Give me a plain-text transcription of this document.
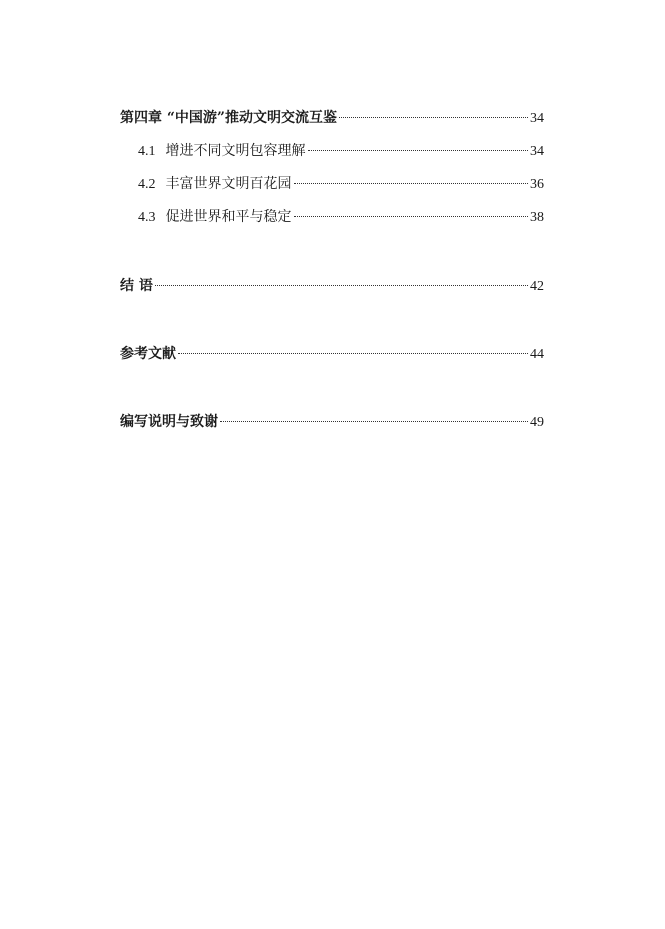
第四章 “中国游”推动文明交流互鉴	34
4.1 增进不同文明包容理解	34
4.2 丰富世界文明百花园	36
4.3 促进世界和平与稳定	38
结 语	42
参考文献	44
编写说明与致谢	49
